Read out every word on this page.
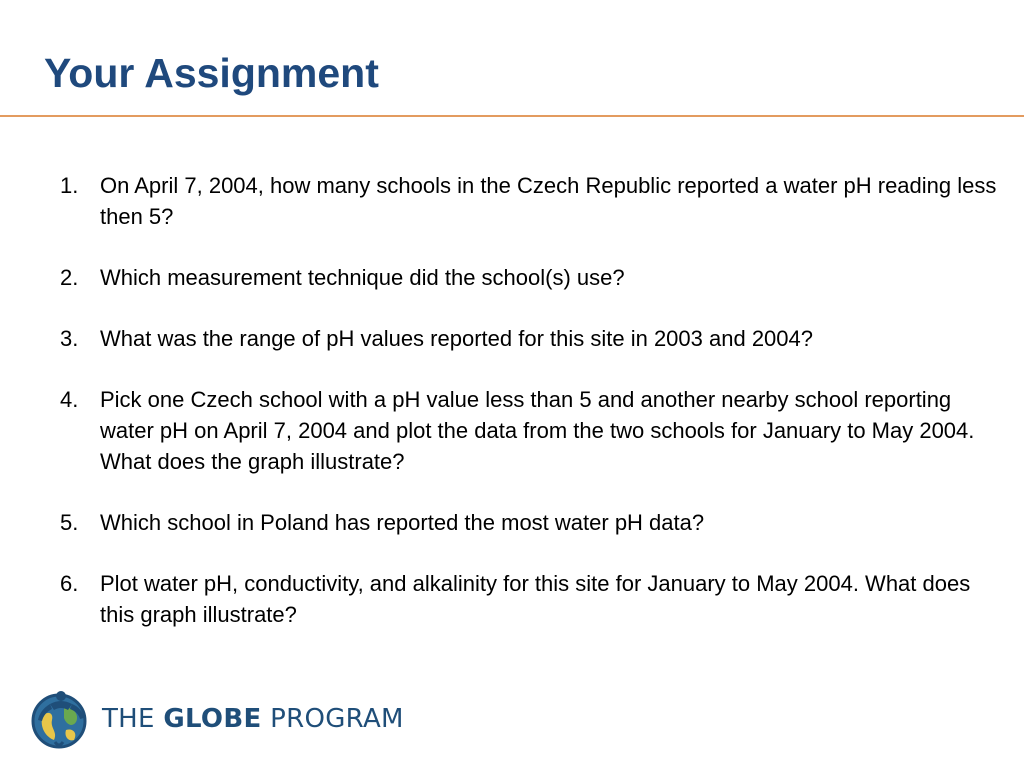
Your Assignment
1. On April 7, 2004, how many schools in the Czech Republic reported a water pH reading less then 5?
2. Which measurement technique did the school(s) use?
3. What was the range of pH values reported for this site in 2003 and 2004?
4. Pick one Czech school with a pH value less than 5 and another nearby school reporting water pH on April 7, 2004 and plot the data from the two schools for January to May 2004. What does the graph illustrate?
5. Which school in Poland has reported the most water pH data?
6. Plot water pH, conductivity, and alkalinity for this site for January to May 2004. What does this graph illustrate?
THE GLOBE PROGRAM
